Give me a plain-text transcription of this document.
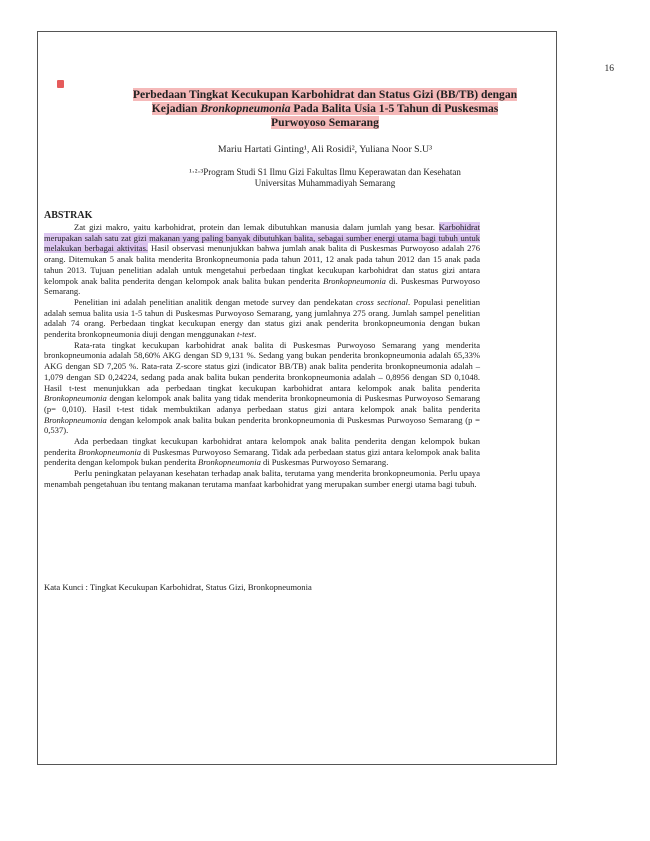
16
Perbedaan Tingkat Kecukupan Karbohidrat dan Status Gizi (BB/TB) dengan
Kejadian Bronkopneumonia Pada Balita Usia 1-5 Tahun di Puskesmas
Purwoyoso Semarang
Mariu Hartati Ginting¹, Ali Rosidi², Yuliana Noor S.U³
¹·²·³Program Studi S1 Ilmu Gizi Fakultas Ilmu Keperawatan dan Kesehatan
Universitas Muhammadiyah Semarang
ABSTRAK

Zat gizi makro, yaitu karbohidrat, protein dan lemak dibutuhkan manusia dalam jumlah yang besar. Karbohidrat merupakan salah satu zat gizi makanan yang paling banyak dibutuhkan balita, sebagai sumber energi utama bagi tubuh untuk melakukan berbagai aktivitas. Hasil observasi menunjukkan bahwa jumlah anak balita di Puskesmas Purwoyoso adalah 276 orang. Ditemukan 5 anak balita menderita Bronkopneumonia pada tahun 2011, 12 anak pada tahun 2012 dan 15 anak pada tahun 2013. Tujuan penelitian adalah untuk mengetahui perbedaan tingkat kecukupan karbohidrat dan status gizi antara kelompok anak balita penderita dengan kelompok anak balita bukan penderita Bronkopneumonia di. Puskesmas Purwoyoso Semarang.

Penelitian ini adalah penelitian analitik dengan metode survey dan pendekatan cross sectional. Populasi penelitian adalah semua balita usia 1-5 tahun di Puskesmas Purwoyoso Semarang, yang jumlahnya 275 orang. Jumlah sampel penelitian adalah 74 orang. Perbedaan tingkat kecukupan energy dan status gizi anak penderita bronkopneumonia dengan bukan penderita bronkopneumonia diuji dengan menggunakan t-test.

Rata-rata tingkat kecukupan karbohidrat anak balita di Puskesmas Purwoyoso Semarang yang menderita bronkopneumonia adalah 58,60% AKG dengan SD 9,131 %. Sedang yang bukan penderita bronkopneumonia adalah 65,33% AKG dengan SD 7,205 %. Rata-rata Z-score status gizi (indicator BB/TB) anak balita penderita bronkopneumonia adalah – 1,079 dengan SD 0,24224, sedang pada anak balita bukan penderita bronkopneumonia adalah – 0,8956 dengan SD 0,1048. Hasil t-test menunjukkan ada perbedaan tingkat kecukupan karbohidrat antara kelompok anak balita penderita Bronkopneumonia dengan kelompok anak balita yang tidak menderita bronkopneumonia di Puskesmas Purwoyoso Semarang (p= 0,010). Hasil t-test tidak membuktikan adanya perbedaan status gizi antara kelompok anak balita penderita Bronkopneumonia dengan kelompok anak balita bukan penderita bronkopneumonia di Puskesmas Purwoyoso Semarang (p = 0,537).

Ada perbedaan tingkat kecukupan karbohidrat antara kelompok anak balita penderita dengan kelompok bukan penderita Bronkopneumonia di Puskesmas Purwoyoso Semarang. Tidak ada perbedaan status gizi antara kelompok anak balita penderita dengan kelompok bukan penderita Bronkopneumonia di Puskesmas Purwoyoso Semarang.

Perlu peningkatan pelayanan kesehatan terhadap anak balita, terutama yang menderita bronkopneumonia. Perlu upaya menambah pengetahuan ibu tentang makanan terutama manfaat karbohidrat yang merupakan sumber energi utama bagi tubuh.

Kata Kunci : Tingkat Kecukupan Karbohidrat, Status Gizi, Bronkopneumonia
